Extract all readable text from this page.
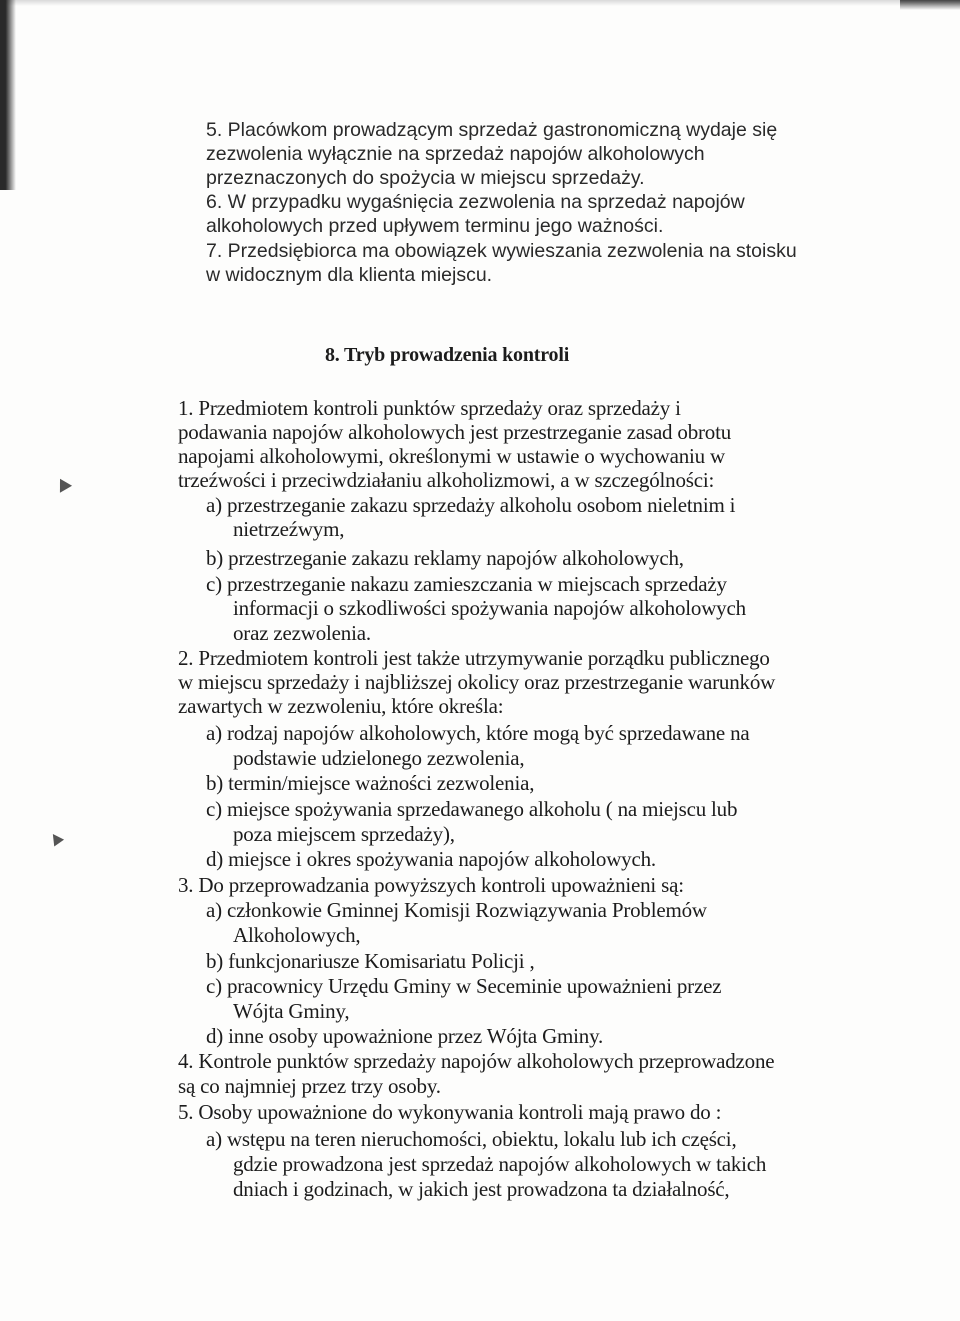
5. Placówkom prowadzącym sprzedaż gastronomiczną wydaje się
zezwolenia wyłącznie na sprzedaż napojów alkoholowych
przeznaczonych do spożycia w miejscu sprzedaży.
6. W przypadku wygaśnięcia zezwolenia na sprzedaż napojów
alkoholowych przed upływem terminu jego ważności.
7. Przedsiębiorca ma obowiązek wywieszania zezwolenia na stoisku
w widocznym dla klienta miejscu.
8. Tryb prowadzenia kontroli
1. Przedmiotem kontroli punktów sprzedaży oraz sprzedaży i
podawania napojów alkoholowych jest przestrzeganie zasad obrotu
napojami alkoholowymi, określonymi w ustawie o wychowaniu w
trzeźwości i przeciwdziałaniu alkoholizmowi, a w szczególności:
a) przestrzeganie zakazu sprzedaży alkoholu osobom nieletnim i
nietrzeźwym,
b) przestrzeganie zakazu reklamy napojów alkoholowych,
c) przestrzeganie nakazu zamieszczania w miejscach sprzedaży
informacji o szkodliwości spożywania napojów alkoholowych
oraz zezwolenia.
2. Przedmiotem kontroli jest także utrzymywanie porządku publicznego
w miejscu sprzedaży i najbliższej okolicy oraz przestrzeganie warunków
zawartych w zezwoleniu, które określa:
a) rodzaj napojów alkoholowych, które mogą być sprzedawane na
podstawie udzielonego zezwolenia,
b) termin/miejsce ważności zezwolenia,
c) miejsce spożywania sprzedawanego alkoholu ( na miejscu lub
poza miejscem sprzedaży),
d) miejsce i okres spożywania napojów alkoholowych.
3. Do przeprowadzania powyższych kontroli upoważnieni są:
a) członkowie Gminnej Komisji Rozwiązywania Problemów
Alkoholowych,
b) funkcjonariusze Komisariatu Policji ,
c) pracownicy Urzędu Gminy w Seceminie upoważnieni przez
Wójta Gminy,
d) inne osoby upoważnione przez Wójta Gminy.
4. Kontrole punktów sprzedaży napojów alkoholowych przeprowadzone
są co najmniej przez trzy osoby.
5. Osoby upoważnione do wykonywania kontroli mają prawo do :
a) wstępu na teren nieruchomości, obiektu, lokalu lub ich części,
gdzie prowadzona jest sprzedaż napojów alkoholowych w takich
dniach i godzinach, w jakich jest prowadzona ta działalność,
